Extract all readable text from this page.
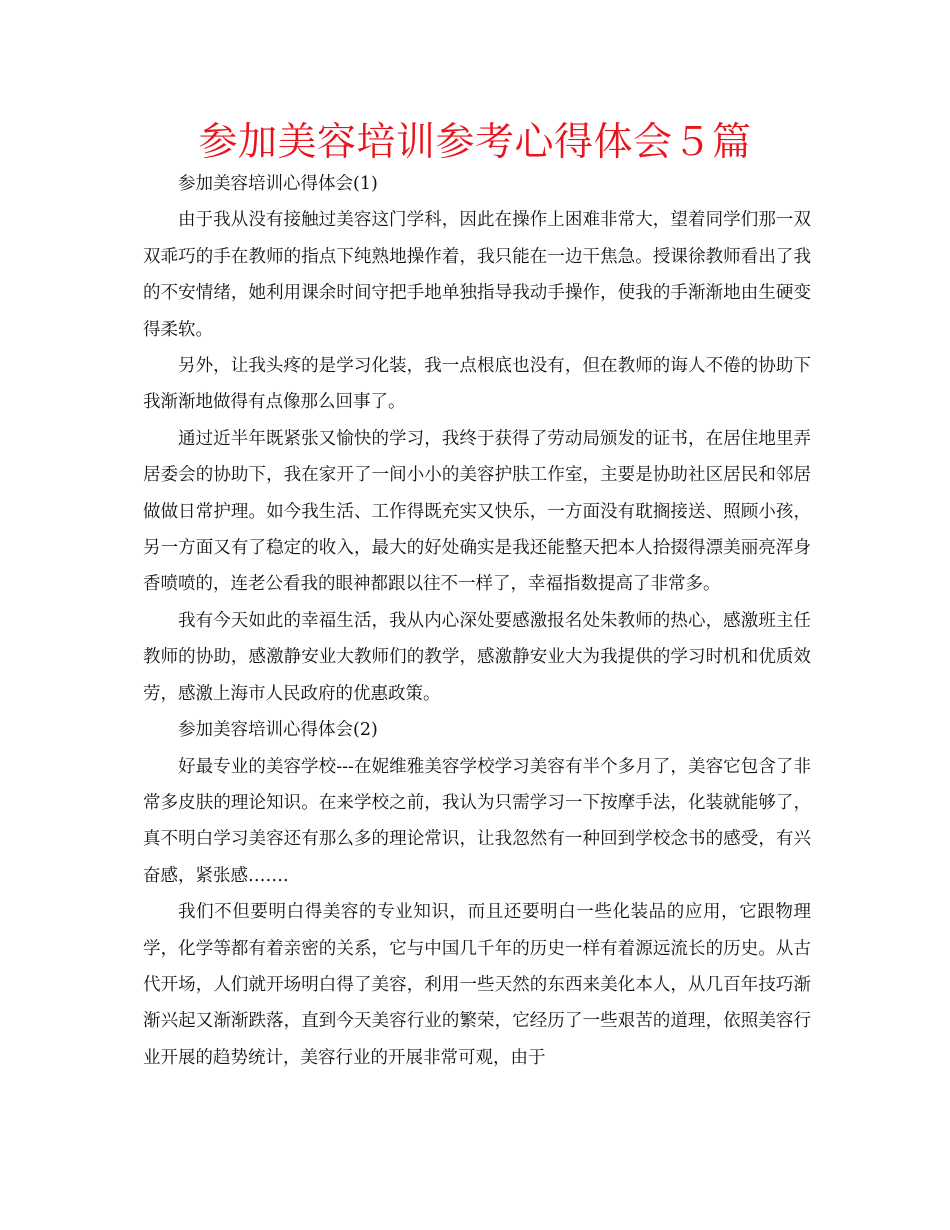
参加美容培训参考心得体会５篇

参加美容培训心得体会(1)

由于我从没有接触过美容这门学科，因此在操作上困难非常大，望着同学们那一双双乖巧的手在教师的指点下纯熟地操作着，我只能在一边干焦急。授课徐教师看出了我的不安情绪，她利用课余时间守把手地单独指导我动手操作，使我的手渐渐地由生硬变得柔软。

另外，让我头疼的是学习化装，我一点根底也没有，但在教师的诲人不倦的协助下我渐渐地做得有点像那么回事了。

通过近半年既紧张又愉快的学习，我终于获得了劳动局颁发的证书，在居住地里弄居委会的协助下，我在家开了一间小小的美容护肤工作室，主要是协助社区居民和邻居做做日常护理。如今我生活、工作得既充实又快乐，一方面没有耽搁接送、照顾小孩，另一方面又有了稳定的收入，最大的好处确实是我还能整天把本人拾掇得漂美丽亮浑身香喷喷的，连老公看我的眼神都跟以往不一样了，幸福指数提高了非常多。

我有今天如此的幸福生活，我从内心深处要感激报名处朱教师的热心，感激班主任教师的协助，感激静安业大教师们的教学，感激静安业大为我提供的学习时机和优质效劳，感激上海市人民政府的优惠政策。

参加美容培训心得体会(2)

好最专业的美容学校---在妮维雅美容学校学习美容有半个多月了，美容它包含了非常多皮肤的理论知识。在来学校之前，我认为只需学习一下按摩手法，化装就能够了，真不明白学习美容还有那么多的理论常识，让我忽然有一种回到学校念书的感受，有兴奋感，紧张感…….

我们不但要明白得美容的专业知识，而且还要明白一些化装品的应用，它跟物理学，化学等都有着亲密的关系，它与中国几千年的历史一样有着源远流长的历史。从古代开场，人们就开场明白得了美容，利用一些天然的东西来美化本人，从几百年技巧渐渐兴起又渐渐跌落，直到今天美容行业的繁荣，它经历了一些艰苦的道理，依照美容行业开展的趋势统计，美容行业的开展非常可观，由于
